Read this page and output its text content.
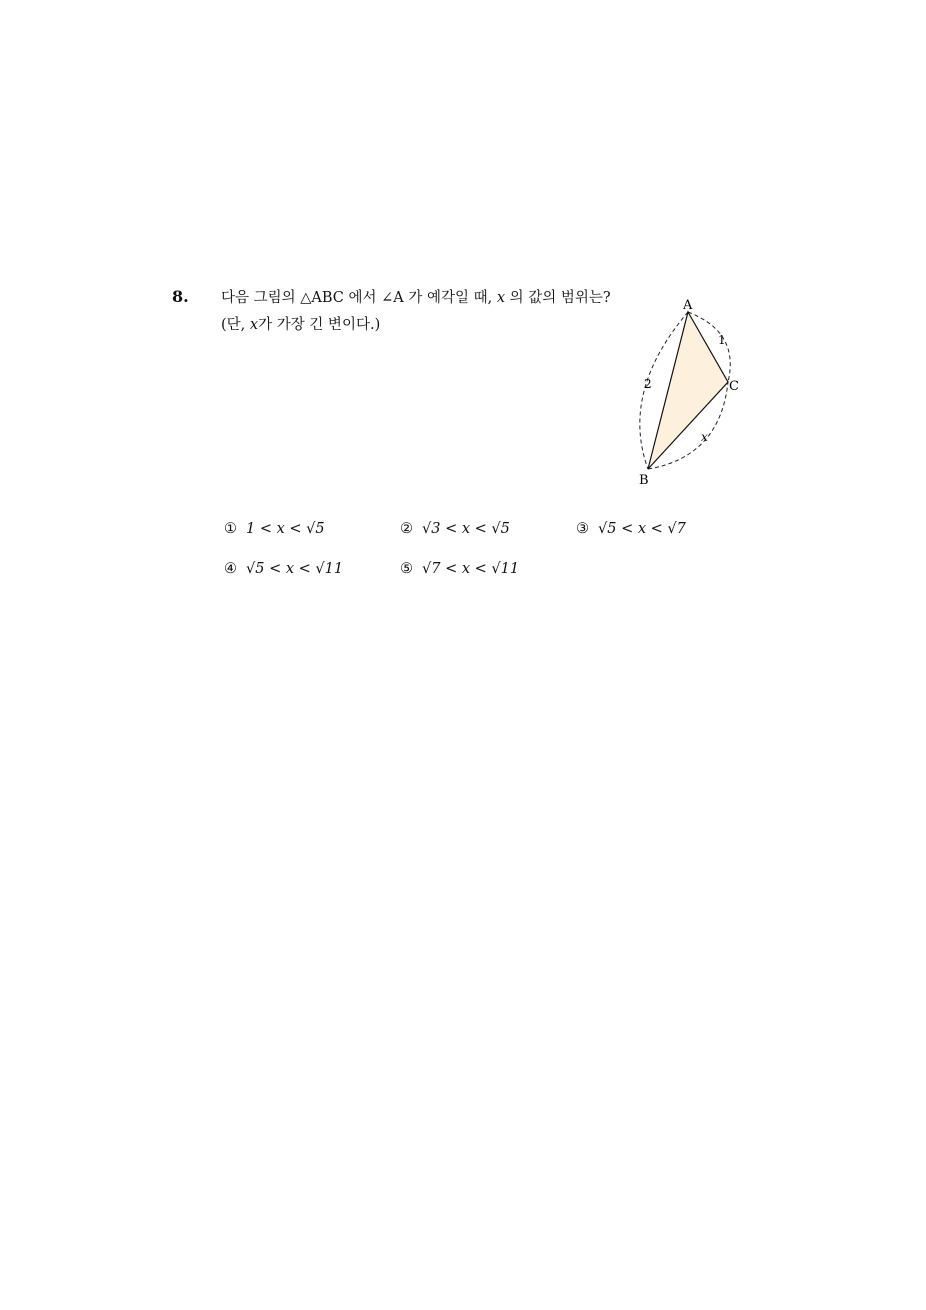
8. 다음 그림의 △ABC 에서 ∠A 가 예각일 때, x 의 값의 범위는?
(단, x가 가장 긴 변이다.)
A
C
B
2
1
x
① 1 < x < √5	② √3 < x < √5	③ √5 < x < √7
④ √5 < x < √11	⑤ √7 < x < √11
